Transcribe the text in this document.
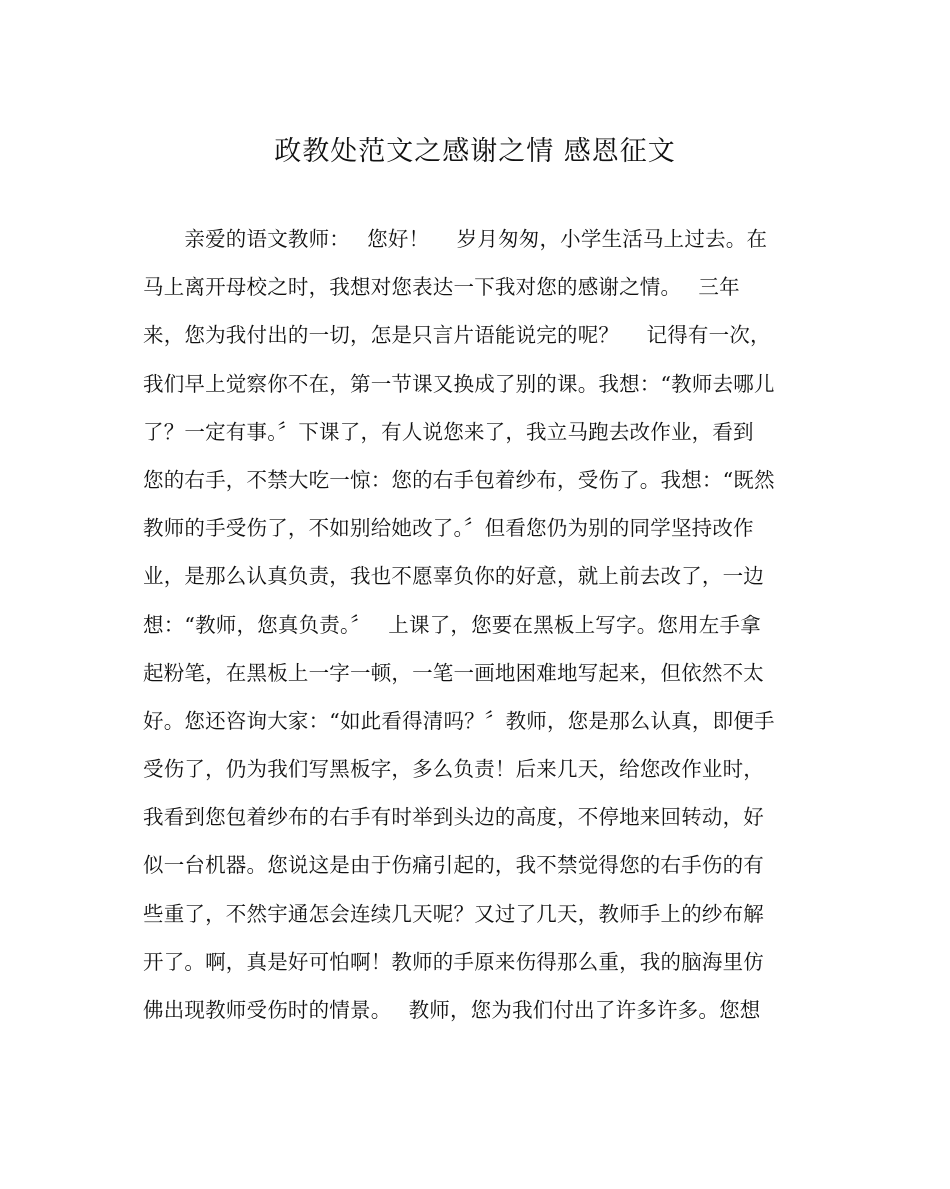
政教处范文之感谢之情 感恩征文
　　亲爱的语文教师：　 您好！　 岁月匆匆，小学生活马上过去。在
马上离开母校之时，我想对您表达一下我对您的感谢之情。　 三年
来，您为我付出的一切，怎是只言片语能说完的呢？　 记得有一次，
我们早上觉察你不在，第一节课又换成了别的课。我想：“教师去哪儿
了？一定有事。〞下课了，有人说您来了，我立马跑去改作业，看到
您的右手，不禁大吃一惊：您的右手包着纱布，受伤了。我想：“既然
教师的手受伤了，不如别给她改了。〞但看您仍为别的同学坚持改作
业，是那么认真负责，我也不愿辜负你的好意，就上前去改了，一边
想：“教师，您真负责。〞　 上课了，您要在黑板上写字。您用左手拿
起粉笔，在黑板上一字一顿，一笔一画地困难地写起来，但依然不太
好。您还咨询大家：“如此看得清吗？〞教师，您是那么认真，即便手
受伤了，仍为我们写黑板字，多么负责！后来几天，给您改作业时，
我看到您包着纱布的右手有时举到头边的高度，不停地来回转动，好
似一台机器。您说这是由于伤痛引起的，我不禁觉得您的右手伤的有
些重了，不然宇通怎会连续几天呢？又过了几天，教师手上的纱布解
开了。啊，真是好可怕啊！教师的手原来伤得那么重，我的脑海里仿
佛出现教师受伤时的情景。　 教师，您为我们付出了许多许多。您想
